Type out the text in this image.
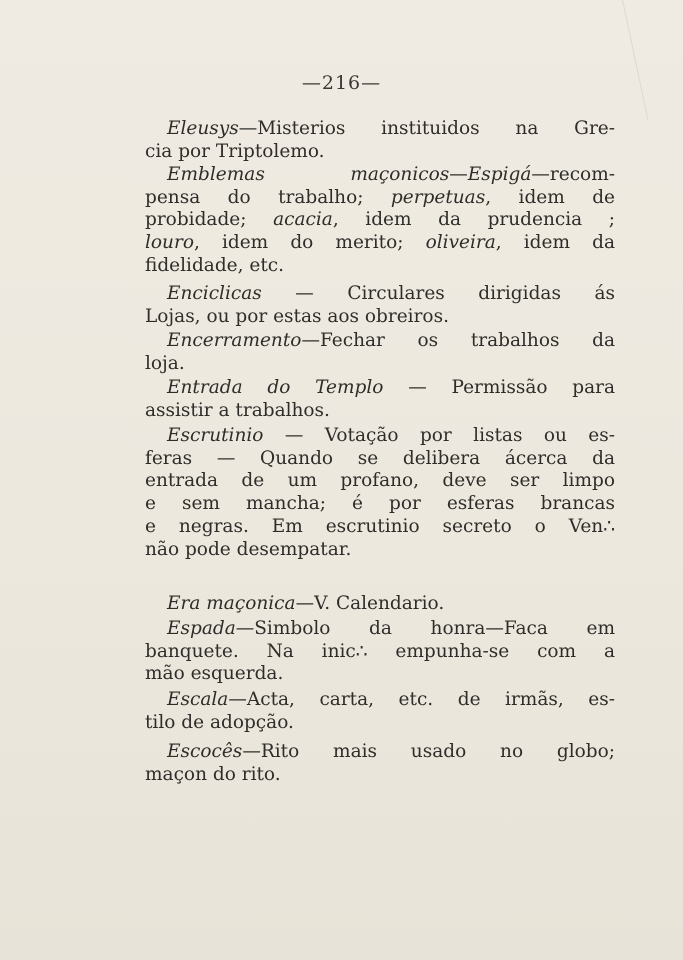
—216—

Eleusys—Misterios instituidos na Gre-
cia por Triptolemo.

Emblemas maçonicos—Espigá—recom-
pensa do trabalho; perpetuas, idem de
probidade; acacia, idem da prudencia ;
louro, idem do merito; oliveira, idem da
fidelidade, etc.

Enciclicas — Circulares dirigidas ás
Lojas, ou por estas aos obreiros.

Encerramento—Fechar os trabalhos da
loja.

Entrada do Templo — Permissão para
assistir a trabalhos.

Escrutinio — Votação por listas ou es-
feras — Quando se delibera ácerca da
entrada de um profano, deve ser limpo
e sem mancha; é por esferas brancas
e negras. Em escrutinio secreto o Ven∴
não pode desempatar.

Era maçonica—V. Calendario.

Espada—Simbolo da honra—Faca em
banquete. Na inic∴ empunha-se com a
mão esquerda.

Escala—Acta, carta, etc. de irmãs, es-
tilo de adopção.

Escocês—Rito mais usado no globo;
maçon do rito.
